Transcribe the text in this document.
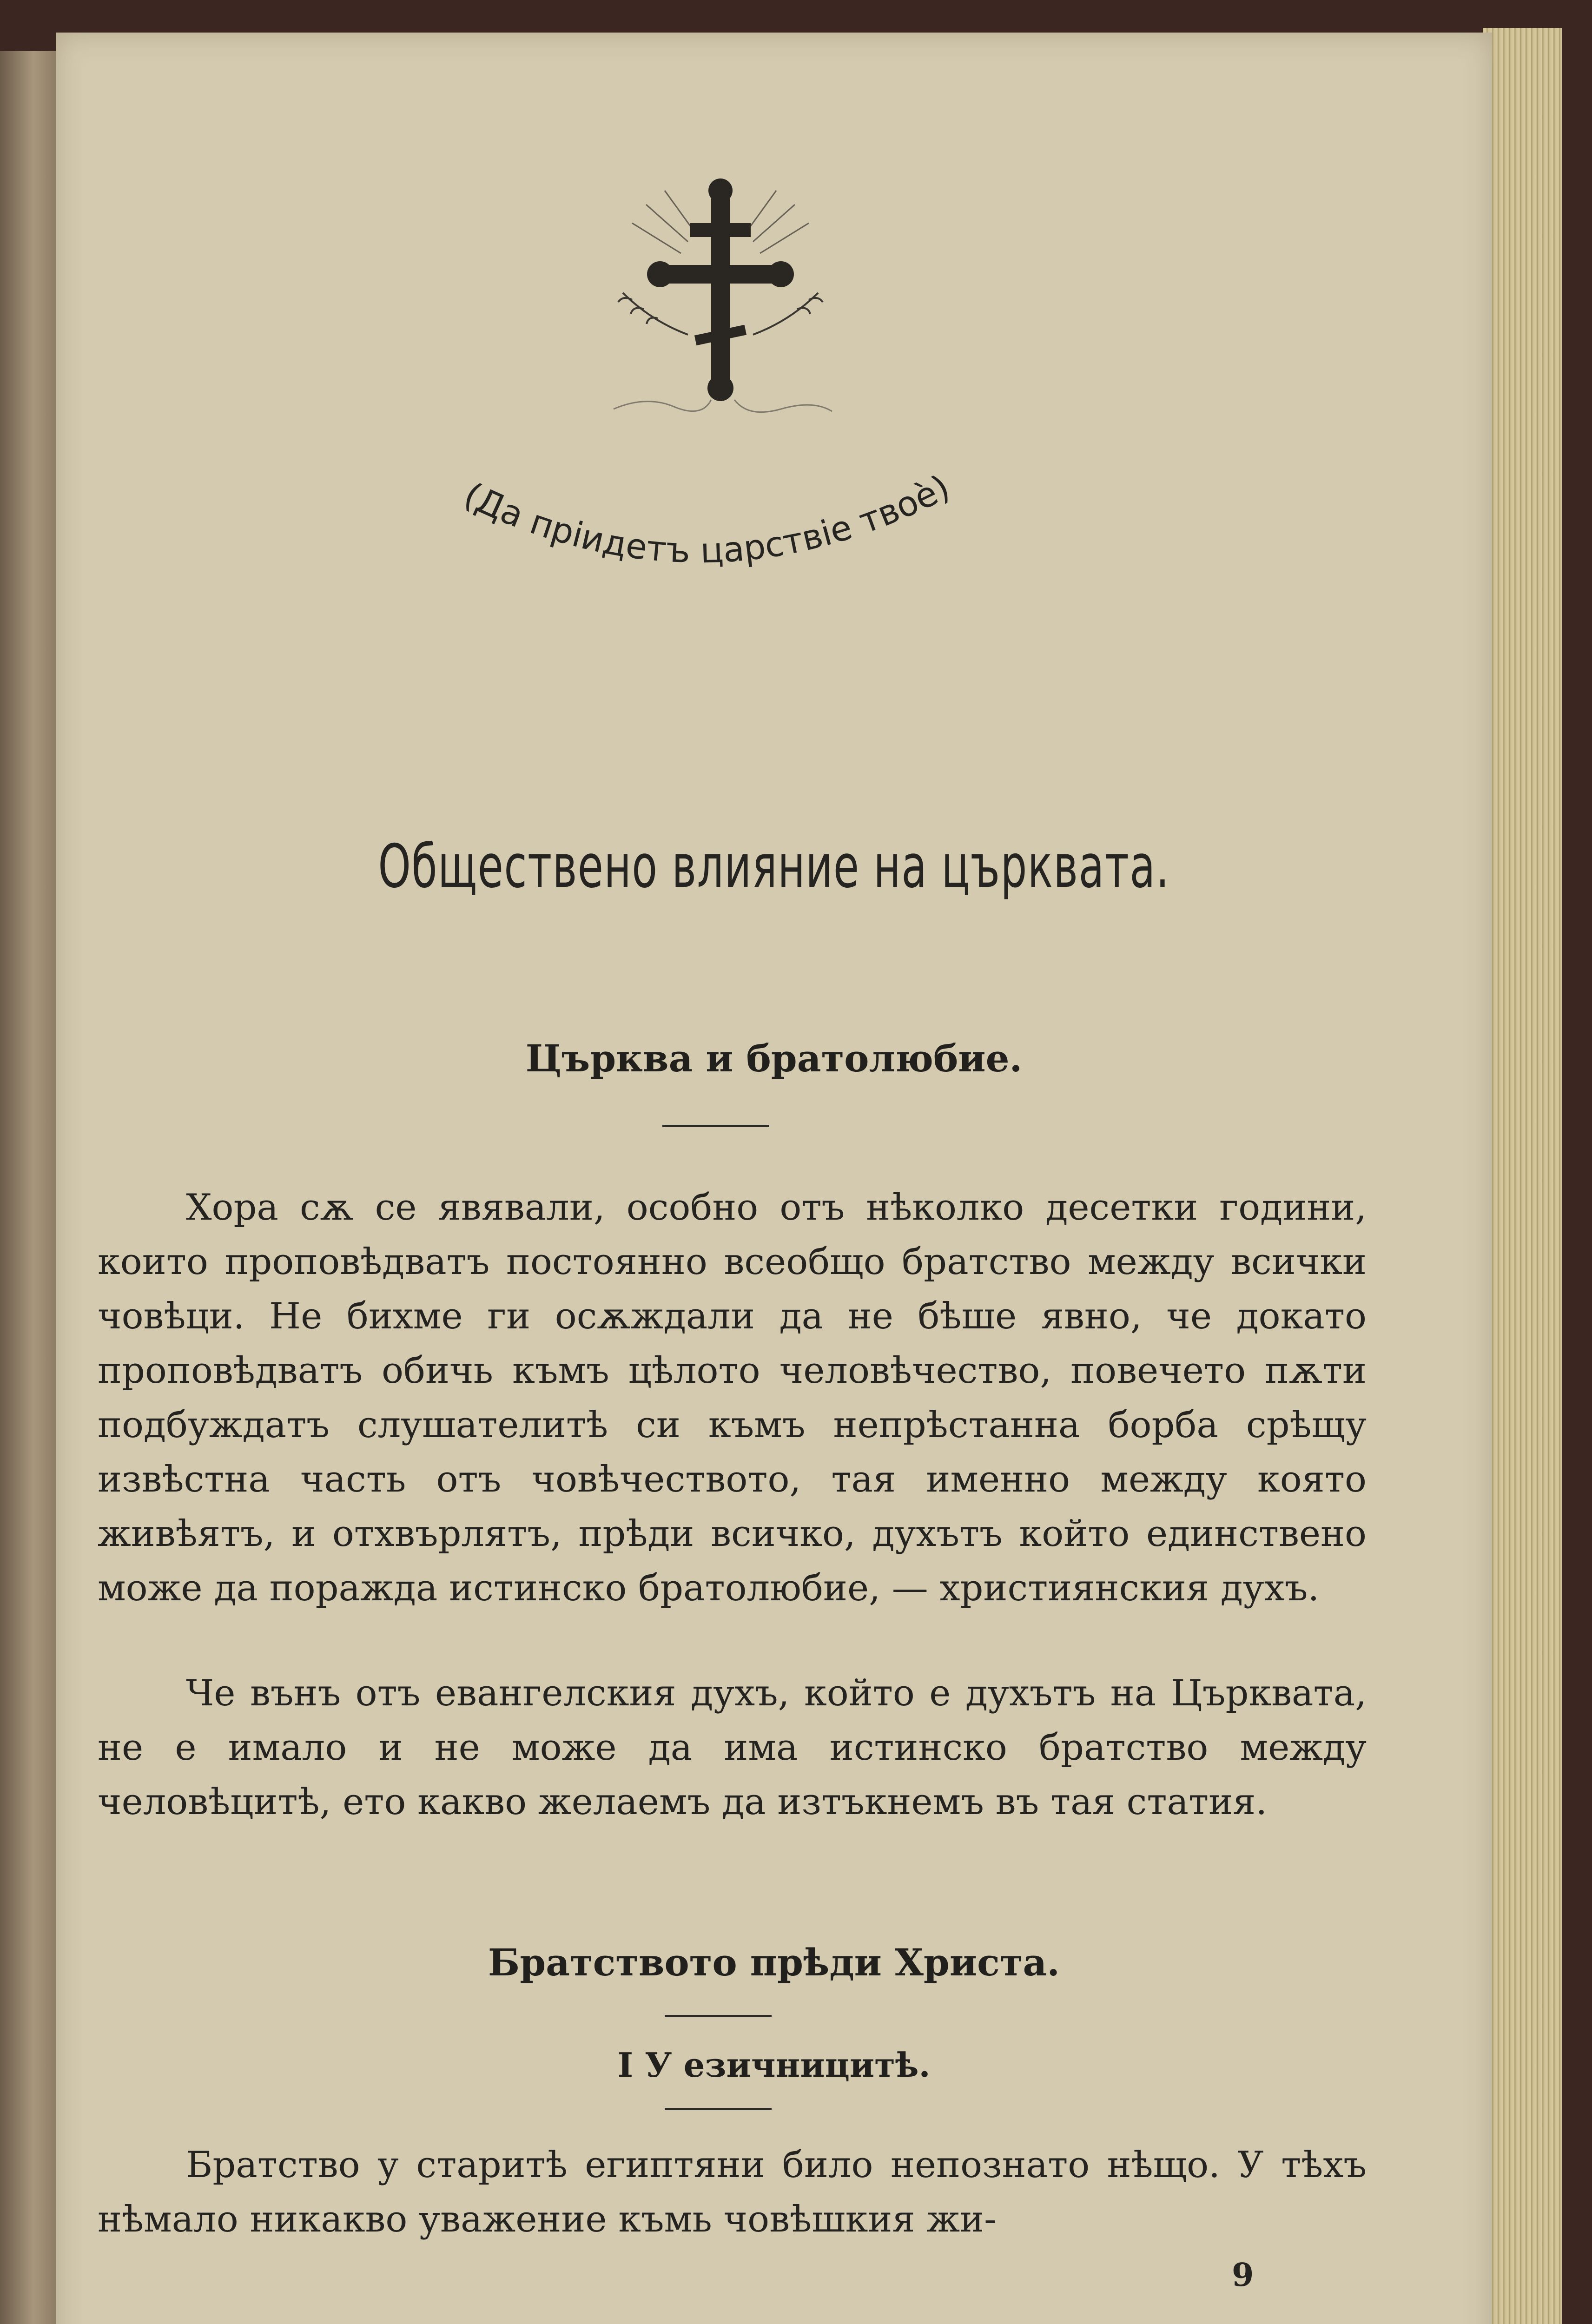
(Да пріидетъ царствіе твоѐ)
Обществено влияние на църквата.
Църква и братолюбие.

Хора сѫ се явявали, особно отъ нѣколко десетки години, които проповѣдватъ постоянно всеобщо братство между всички човѣци. Не бихме ги осѫждали да не бѣше явно, че докато проповѣдватъ обичь къмъ цѣлото человѣчество, повечето пѫти подбуждатъ слушателитѣ си къмъ непрѣстанна борба срѣщу извѣстна часть отъ човѣчеството, тая именно между която живѣятъ, и отхвърлятъ, прѣди всичко, духътъ който единствено може да поражда истинско братолюбие, — християнския духъ.

Че вънъ отъ евангелския духъ, който е духътъ на Църквата, не е имало и не може да има истинско братство между человѣцитѣ, ето какво желаемъ да изтъкнемъ въ тая статия.

Братството прѣди Христа.
I У езичницитѣ.

Братство у старитѣ египтяни било непознато нѣщо. У тѣхъ нѣмало никакво уважение къмь човѣшкия жи-

9
